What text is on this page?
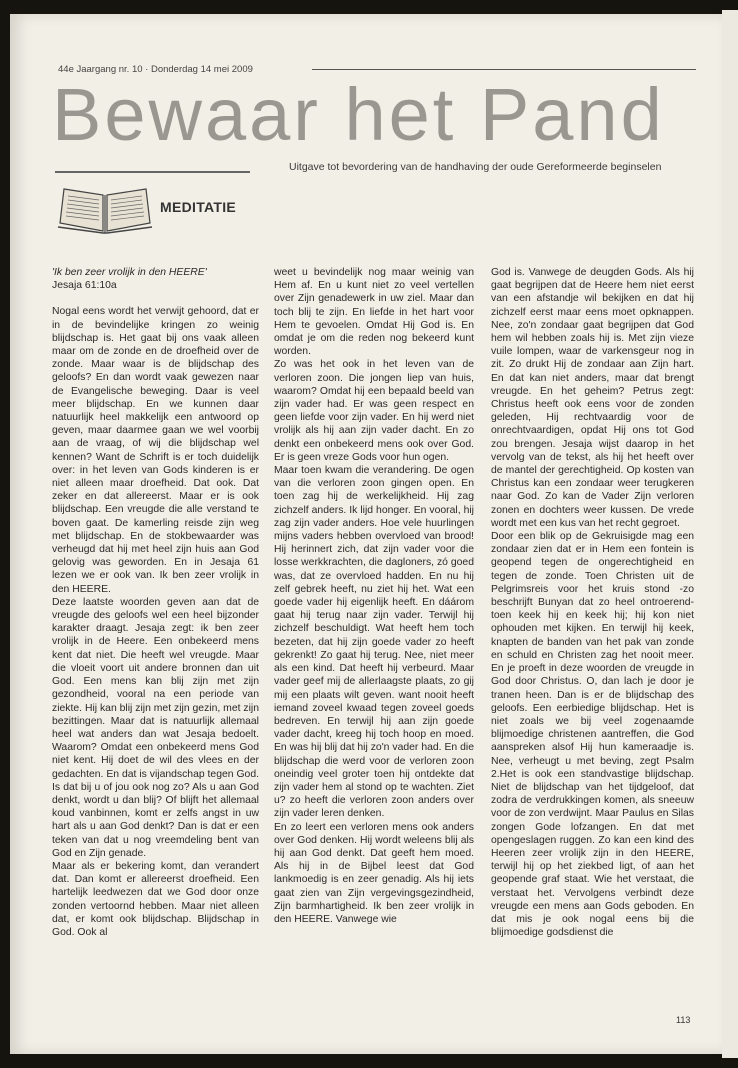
44e Jaargang nr. 10 · Donderdag 14 mei 2009
Bewaar het Pand
Uitgave tot bevordering van de handhaving der oude Gereformeerde beginselen
MEDITATIE

'Ik ben zeer vrolijk in den HEERE'

Jesaja 61:10a

Nogal eens wordt het verwijt gehoord, dat er in de bevindelijke kringen zo weinig blijdschap is. Het gaat bij ons vaak alleen maar om de zonde en de droefheid over de zonde. Maar waar is de blijdschap des geloofs? En dan wordt vaak gewezen naar de Evangelische beweging. Daar is veel meer blijdschap. En we kunnen daar natuurlijk heel makkelijk een antwoord op geven, maar daarmee gaan we wel voorbij aan de vraag, of wij die blijdschap wel kennen? Want de Schrift is er toch duidelijk over: in het leven van Gods kinderen is er niet alleen maar droefheid. Dat ook. Dat zeker en dat allereerst. Maar er is ook blijdschap. Een vreugde die alle verstand te boven gaat. De kamerling reisde zijn weg met blijdschap. En de stokbewaarder was verheugd dat hij met heel zijn huis aan God gelovig was geworden. En in Jesaja 61 lezen we er ook van. Ik ben zeer vrolijk in den HEERE.

Deze laatste woorden geven aan dat de vreugde des geloofs wel een heel bijzonder karakter draagt. Jesaja zegt: ik ben zeer vrolijk in de Heere. Een onbekeerd mens kent dat niet. Die heeft wel vreugde. Maar die vloeit voort uit andere bronnen dan uit God. Een mens kan blij zijn met zijn gezondheid, vooral na een periode van ziekte. Hij kan blij zijn met zijn gezin, met zijn bezittingen. Maar dat is natuurlijk allemaal heel wat anders dan wat Jesaja bedoelt. Waarom? Omdat een onbekeerd mens God niet kent. Hij doet de wil des vlees en der gedachten. En dat is vijandschap tegen God. Is dat bij u of jou ook nog zo? Als u aan God denkt, wordt u dan blij? Of blijft het allemaal koud vanbinnen, komt er zelfs angst in uw hart als u aan God denkt? Dan is dat er een teken van dat u nog vreemdeling bent van God en Zijn genade.

Maar als er bekering komt, dan verandert dat. Dan komt er allereerst droefheid. Een hartelijk leedwezen dat we God door onze zonden vertoornd hebben. Maar niet alleen dat, er komt ook blijdschap. Blijdschap in God. Ook al

weet u bevindelijk nog maar weinig van Hem af. En u kunt niet zo veel vertellen over Zijn genadewerk in uw ziel. Maar dan toch blij te zijn. En liefde in het hart voor Hem te gevoelen. Omdat Hij God is. En omdat je om die reden nog bekeerd kunt worden.

Zo was het ook in het leven van de verloren zoon. Die jongen liep van huis, waarom? Omdat hij een bepaald beeld van zijn vader had. Er was geen respect en geen liefde voor zijn vader. En hij werd niet vrolijk als hij aan zijn vader dacht. En zo denkt een onbekeerd mens ook over God. Er is geen vreze Gods voor hun ogen.

Maar toen kwam die verandering. De ogen van die verloren zoon gingen open. En toen zag hij de werkelijkheid. Hij zag zichzelf anders. Ik lijd honger. En vooral, hij zag zijn vader anders. Hoe vele huurlingen mijns vaders hebben overvloed van brood! Hij herinnert zich, dat zijn vader voor die losse werkkrachten, die dagloners, zó goed was, dat ze overvloed hadden. En nu hij zelf gebrek heeft, nu ziet hij het. Wat een goede vader hij eigenlijk heeft. En dáárom gaat hij terug naar zijn vader. Terwijl hij zichzelf beschuldigt. Wat heeft hem toch bezeten, dat hij zijn goede vader zo heeft gekrenkt! Zo gaat hij terug. Nee, niet meer als een kind. Dat heeft hij verbeurd. Maar vader geef mij de allerlaagste plaats, zo gij mij een plaats wilt geven. want nooit heeft iemand zoveel kwaad tegen zoveel goeds bedreven. En terwijl hij aan zijn goede vader dacht, kreeg hij toch hoop en moed. En was hij blij dat hij zo'n vader had. En die blijdschap die werd voor de verloren zoon oneindig veel groter toen hij ontdekte dat zijn vader hem al stond op te wachten. Ziet u? zo heeft die verloren zoon anders over zijn vader leren denken.

En zo leert een verloren mens ook anders over God denken. Hij wordt weleens blij als hij aan God denkt. Dat geeft hem moed. Als hij in de Bijbel leest dat God lankmoedig is en zeer genadig. Als hij iets gaat zien van Zijn vergevingsgezindheid, Zijn barmhartigheid. Ik ben zeer vrolijk in den HEERE. Vanwege wie

God is. Vanwege de deugden Gods. Als hij gaat begrijpen dat de Heere hem niet eerst van een afstandje wil bekijken en dat hij zichzelf eerst maar eens moet opknappen. Nee, zo'n zondaar gaat begrijpen dat God hem wil hebben zoals hij is. Met zijn vieze vuile lompen, waar de varkensgeur nog in zit. Zo drukt Hij de zondaar aan Zijn hart. En dat kan niet anders, maar dat brengt vreugde. En het geheim? Petrus zegt: Christus heeft ook eens voor de zonden geleden, Hij rechtvaardig voor de onrechtvaardigen, opdat Hij ons tot God zou brengen. Jesaja wijst daarop in het vervolg van de tekst, als hij het heeft over de mantel der gerechtigheid. Op kosten van Christus kan een zondaar weer terugkeren naar God. Zo kan de Vader Zijn verloren zonen en dochters weer kussen. De vrede wordt met een kus van het recht gegroet.

Door een blik op de Gekruisigde mag een zondaar zien dat er in Hem een fontein is geopend tegen de ongerechtigheid en tegen de zonde. Toen Christen uit de Pelgrimsreis voor het kruis stond -zo beschrijft Bunyan dat zo heel ontroerend- toen keek hij en keek hij; hij kon niet ophouden met kijken. En terwijl hij keek, knapten de banden van het pak van zonde en schuld en Christen zag het nooit meer. En je proeft in deze woorden de vreugde in God door Christus. O, dan lach je door je tranen heen. Dan is er de blijdschap des geloofs. Een eerbiedige blijdschap. Het is niet zoals we bij veel zogenaamde blijmoedige christenen aantreffen, die God aanspreken alsof Hij hun kameraadje is. Nee, verheugt u met beving, zegt Psalm 2.Het is ook een standvastige blijdschap. Niet de blijdschap van het tijdgeloof, dat zodra de verdrukkingen komen, als sneeuw voor de zon verdwijnt. Maar Paulus en Silas zongen Gode lofzangen. En dat met opengeslagen ruggen. Zo kan een kind des Heeren zeer vrolijk zijn in den HEERE, terwijl hij op het ziekbed ligt, of aan het geopende graf staat. Wie het verstaat, die verstaat het. Vervolgens verbindt deze vreugde een mens aan Gods geboden. En dat mis je ook nogal eens bij die blijmoedige godsdienst die

113
